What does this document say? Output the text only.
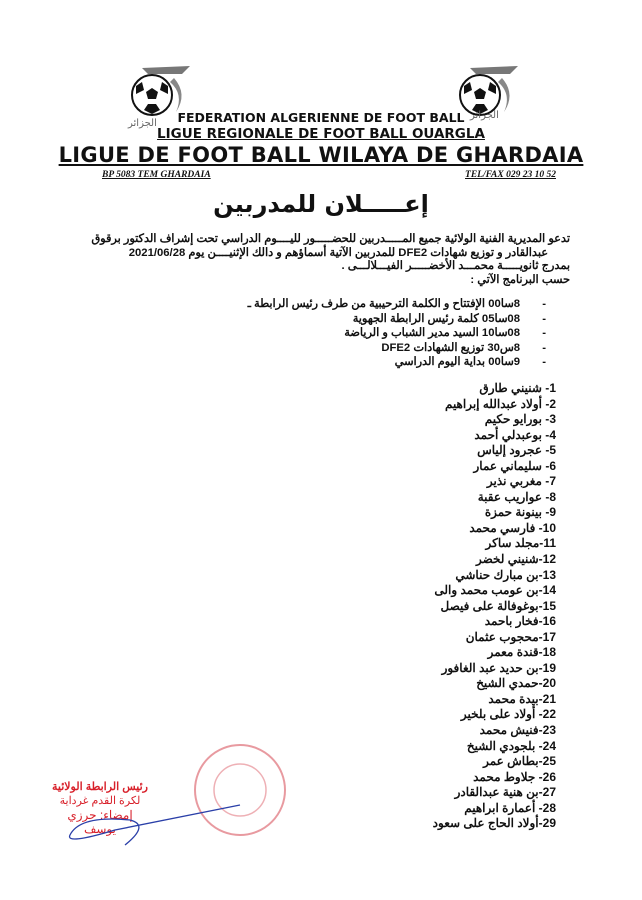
الجزائر
الجزائر
FEDERATION ALGERIENNE DE FOOT BALL
LIGUE REGIONALE DE FOOT BALL OUARGLA
LIGUE DE FOOT BALL WILAYA DE GHARDAIA
BP 5083 TEM GHARDAIA	TEL/FAX 029 23 10 52
إعـــــلان للمدربين
تدعو المديرية الفنية الولائية جميع المـــــدربين للحضـــــور لليــــوم الدراسي تحت إشراف الدكتور برقوق
عبدالقادر و توزيع شهادات DFE2 للمدربين الآتية أسماؤهم و دالك الإثنيــــن يوم 2021/06/28
بمدرج ثانويـــــة محمـــد الأخضـــــر الفيـــلالـــى .
حسب البرنامج الآتي :
-8سا00 الإفتتاح و الكلمة الترحيبية من طرف رئيس الرابطة ـ
-08سا05 كلمة رئيس الرابطة الجهوية
-08سا10 السيد مدير الشباب و الرياضة
-8س30 توزيع الشهادات DFE2
-9سا00 بداية اليوم الدراسي
1- شنيني طارق
2- أولاد عبدالله إبراهيم
3- بورايو حكيم
4- بوعبدلي أحمد
5- عجرود إلياس
6- سليماني عمار
7- مغربي نذير
8- عواريب عقبة
9- بينونة حمزة
10- فارسي محمد
11-مجلد ساكر
12-شنيني لخضر
13-بن مبارك حناشي
14-بن عومب محمد والى
15-بوغوفالة على فيصل
16-فخار باحمد
17-محجوب عثمان
18-قندة معمر
19-بن حديد عبد الغافور
20-حمدي الشيخ
21-بيدة محمد
22- أولاد على بلخير
23-فنيش محمد
24- بلجودي الشيخ
25-بطاش عمر
26- جلاوط محمد
27-بن هنية عبدالقادر
28- أعمارة ابراهيم
29-أولاد الحاج على سعود
رئيس الرابطة الولائية
لكرة القدم غرداية
إمضاء: حرزي يوسف
